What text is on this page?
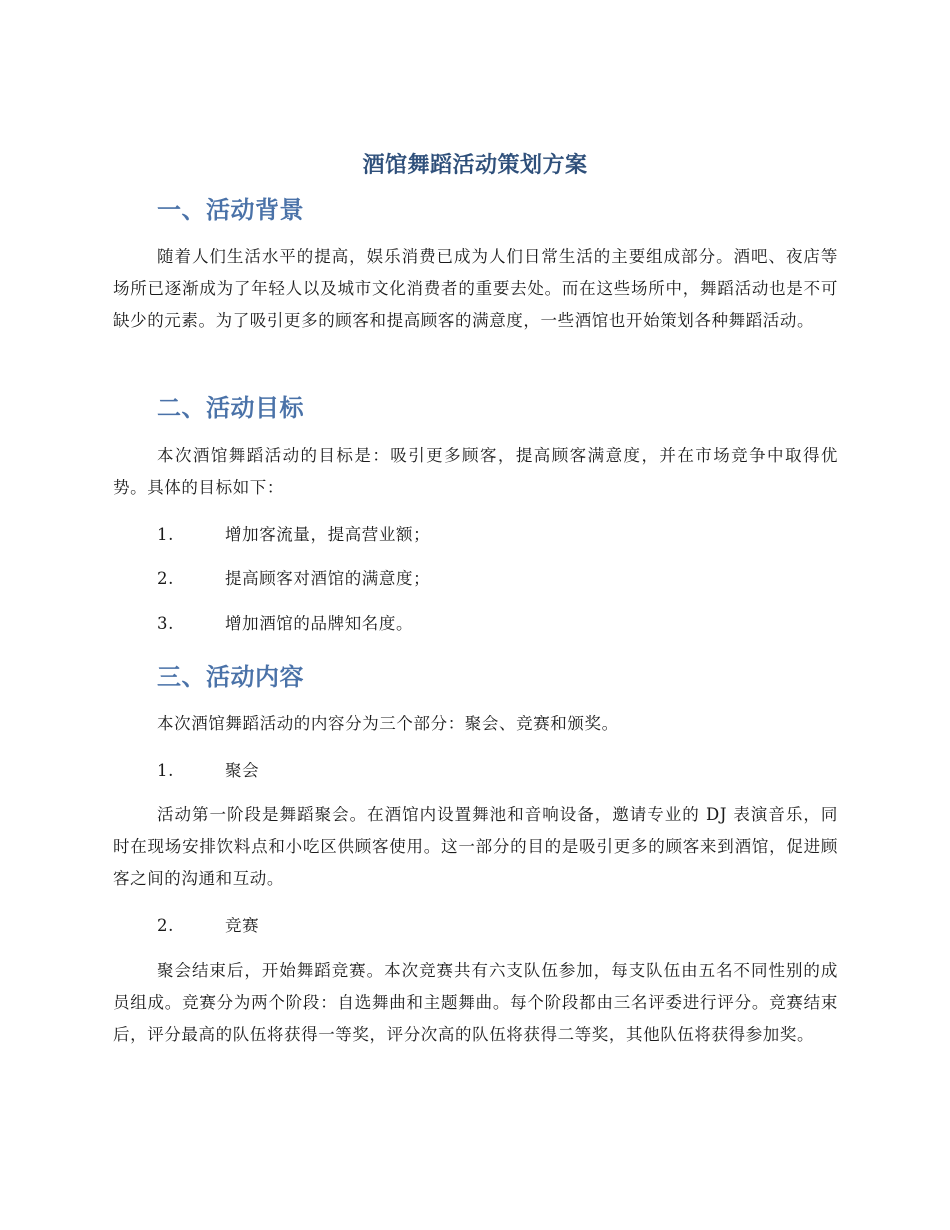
酒馆舞蹈活动策划方案
一、活动背景
随着人们生活水平的提高，娱乐消费已成为人们日常生活的主要组成部分。酒吧、夜店等场所已逐渐成为了年轻人以及城市文化消费者的重要去处。而在这些场所中，舞蹈活动也是不可缺少的元素。为了吸引更多的顾客和提高顾客的满意度，一些酒馆也开始策划各种舞蹈活动。
二、活动目标
本次酒馆舞蹈活动的目标是：吸引更多顾客，提高顾客满意度，并在市场竞争中取得优势。具体的目标如下：
1.	增加客流量，提高营业额；
2.	提高顾客对酒馆的满意度；
3.	增加酒馆的品牌知名度。
三、活动内容
本次酒馆舞蹈活动的内容分为三个部分：聚会、竞赛和颁奖。
1.	聚会
活动第一阶段是舞蹈聚会。在酒馆内设置舞池和音响设备，邀请专业的 DJ 表演音乐，同时在现场安排饮料点和小吃区供顾客使用。这一部分的目的是吸引更多的顾客来到酒馆，促进顾客之间的沟通和互动。
2.	竞赛
聚会结束后，开始舞蹈竞赛。本次竞赛共有六支队伍参加，每支队伍由五名不同性别的成员组成。竞赛分为两个阶段：自选舞曲和主题舞曲。每个阶段都由三名评委进行评分。竞赛结束后，评分最高的队伍将获得一等奖，评分次高的队伍将获得二等奖，其他队伍将获得参加奖。
